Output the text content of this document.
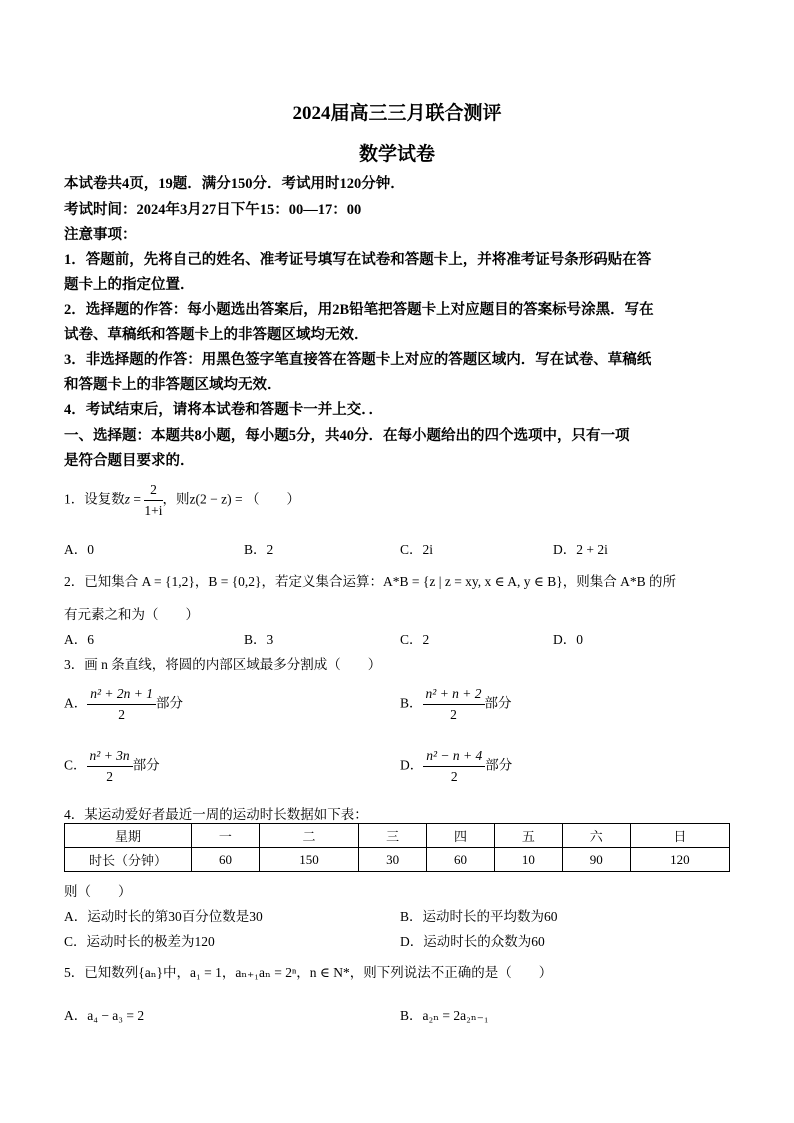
2024届高三三月联合测评
数学试卷
本试卷共4页，19题．满分150分．考试用时120分钟．
考试时间：2024年3月27日下午15：00—17：00
注意事项：
1．答题前，先将自己的姓名、准考证号填写在试卷和答题卡上，并将准考证号条形码贴在答
题卡上的指定位置．
2．选择题的作答：每小题选出答案后，用2B铅笔把答题卡上对应题目的答案标号涂黑．写在
试卷、草稿纸和答题卡上的非答题区域均无效．
3．非选择题的作答：用黑色签字笔直接答在答题卡上对应的答题区域内．写在试卷、草稿纸
和答题卡上的非答题区域均无效．
4．考试结束后，请将本试卷和答题卡一并上交．．
一、选择题：本题共8小题，每小题5分，共40分．在每小题给出的四个选项中，只有一项
是符合题目要求的．
1．设复数$z = \frac{2}{1+i}$ ，则z(2 − z) = （　　）
A．0	B．2	C．2i	D．2 + 2i
2．已知集合 A = {1,2}，B = {0,2}，若定义集合运算：A*B = {z | z = xy, x ∈ A, y ∈ B}，则集合 A*B 的所
有元素之和为（　　）
A．6	B．3	C．2	D．0
3．画 n 条直线，将圆的内部区域最多分割成（　　）
A． $\frac{\text{n² + 2n + 1}}{2}$ 部分	B． $\frac{\text{n² + n + 2}}{2}$ 部分
C． $\frac{\text{n² + 3n}}{2}$ 部分	D． $\frac{\text{n² − n + 4}}{2}$ 部分
4．某运动爱好者最近一周的运动时长数据如下表：
星期	一	二	三	四	五	六	日
时长（分钟）	60	150	30	60	10	90	120
则（　　）
A．运动时长的第30百分位数是30	B．运动时长的平均数为60
C．运动时长的极差为120	D．运动时长的众数为60
5．已知数列{aₙ}中，a₁ = 1，aₙ₊₁aₙ = 2ⁿ，n ∈ N*，则下列说法不正确的是（　　）
A．a₄ − a₃ = 2	B．a₂ₙ = 2a₂ₙ₋₁
